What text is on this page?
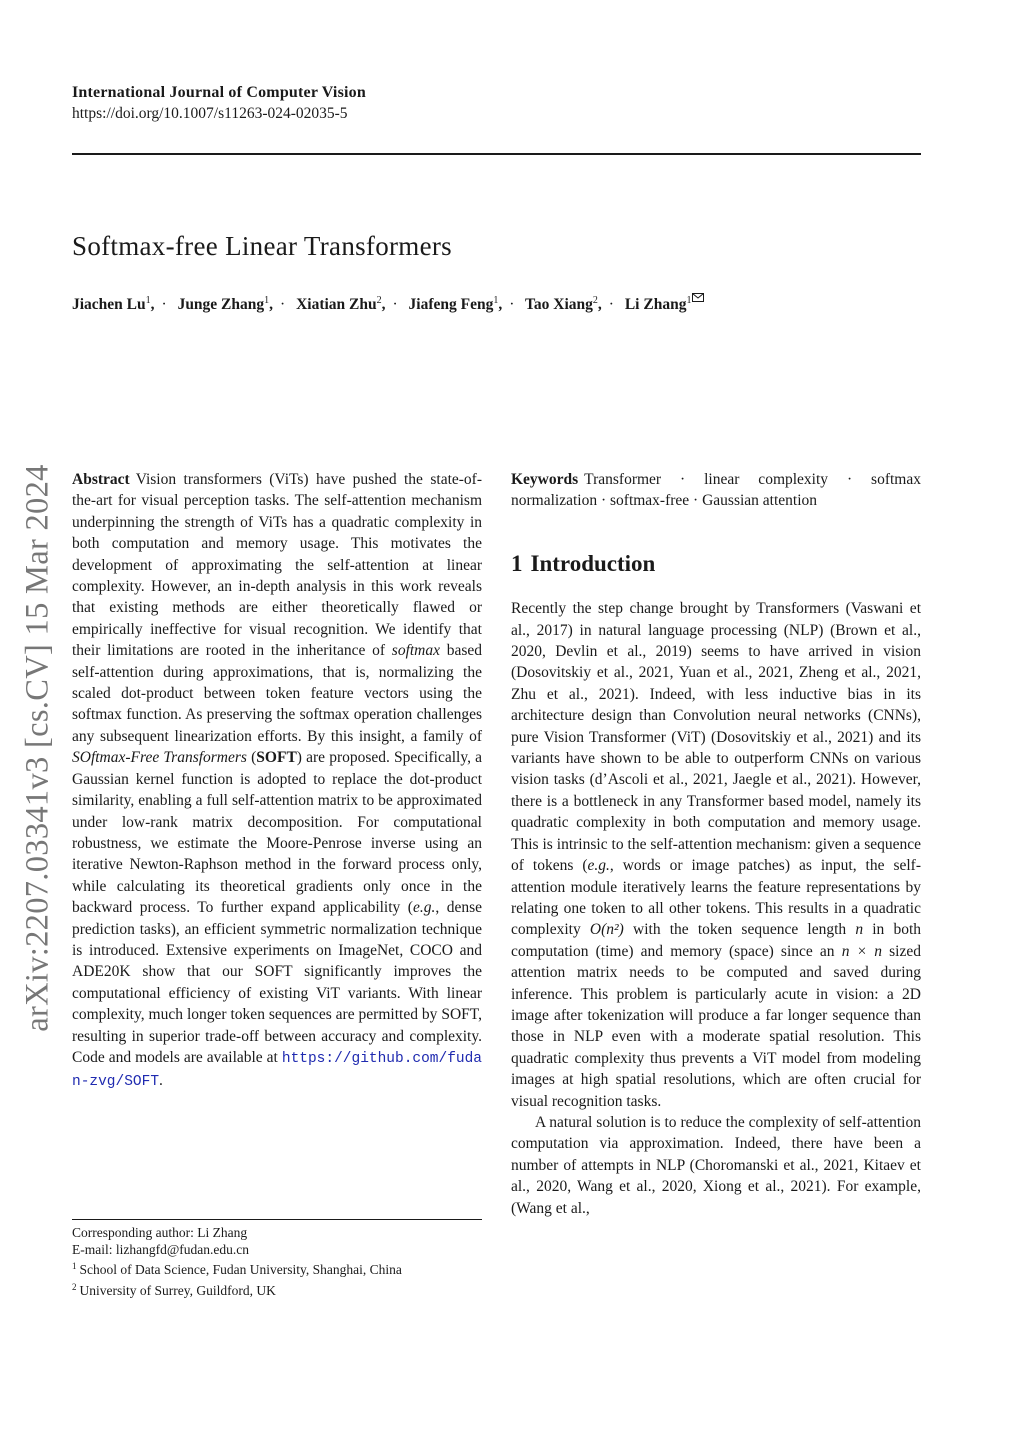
International Journal of Computer Vision
https://doi.org/10.1007/s11263-024-02035-5
Softmax-free Linear Transformers
Jiachen $Lu^1$, · Junge Zhang$^1$, · Xiatian Zhu$^2$, · Jiafeng Feng$^1$, · Tao Xiang$^2$, · Li Zhang$^1$
arXiv:2207.03341v3 [cs.CV] 15 Mar 2024 Abstract Vision transformers (ViTs) have pushed the state-of-the-art for visual perception tasks. The self-attention mechanism underpinning the strength of ViTs has a quadratic complexity in both computation and memory usage. This motivates the development of approximating the self-attention at linear complexity. However, an in-depth analysis in this work reveals that existing methods are either theoretically flawed or empirically ineffective for visual recognition. We identify that their limitations are rooted in the inheritance of softmax based self-attention during approximations, that is, normalizing the scaled dot-product between token feature vectors using the softmax function. As preserving the softmax operation challenges any subsequent linearization efforts. By this insight, a family of SOftmax-Free Transformers (SOFT) are proposed. Specifically, a Gaussian kernel function is adopted to replace the dot-product similarity, enabling a full self-attention matrix to be approximated under low-rank matrix decomposition. For computational robustness, we estimate the Moore-Penrose inverse using an iterative Newton-Raphson method in the forward process only, while calculating its theoretical gradients only once in the backward process. To further expand applicability (e.g., dense prediction tasks), an efficient symmetric normalization technique is introduced. Extensive experiments on ImageNet, COCO and ADE20K show that our SOFT significantly improves the computational efficiency of existing ViT variants. With linear complexity, much longer token sequences are permitted by SOFT, resulting in superior trade-off between accuracy and complexity. Code and models are available at https://github.com/fudan-zvg/SOFT.

Keywords Transformer · linear complexity · softmax normalization · softmax-free · Gaussian attention

1 Introduction

Recently the step change brought by Transformers (Vaswani et al., 2017) in natural language processing (NLP) (Brown et al., 2020, Devlin et al., 2019) seems to have arrived in vision (Dosovitskiy et al., 2021, Yuan et al., 2021, Zheng et al., 2021, Zhu et al., 2021). Indeed, with less inductive bias in its architecture design than Convolution neural networks (CNNs), pure Vision Transformer (ViT) (Dosovitskiy et al., 2021) and its variants have shown to be able to outperform CNNs on various vision tasks (d’Ascoli et al., 2021, Jaegle et al., 2021). However, there is a bottleneck in any Transformer based model, namely its quadratic complexity in both computation and memory usage. This is intrinsic to the self-attention mechanism: given a sequence of tokens (e.g., words or image patches) as input, the self-attention module iteratively learns the feature representations by relating one token to all other tokens. This results in a quadratic complexity O(n²) with the token sequence length n in both computation (time) and memory (space) since an n × n sized attention matrix needs to be computed and saved during inference. This problem is particularly acute in vision: a 2D image after tokenization will produce a far longer sequence than those in NLP even with a moderate spatial resolution. This quadratic complexity thus prevents a ViT model from modeling images at high spatial resolutions, which are often crucial for visual recognition tasks.

A natural solution is to reduce the complexity of self-attention computation via approximation. Indeed, there have been a number of attempts in NLP (Choromanski et al., 2021, Kitaev et al., 2020, Wang et al., 2020, Xiong et al., 2021). For example, (Wang et al.,

Corresponding author: Li Zhang
E-mail: lizhangfd@fudan.edu.cn
$^1$ School of Data Science, Fudan University, Shanghai, China
$^2$ University of Surrey, Guildford, UK
